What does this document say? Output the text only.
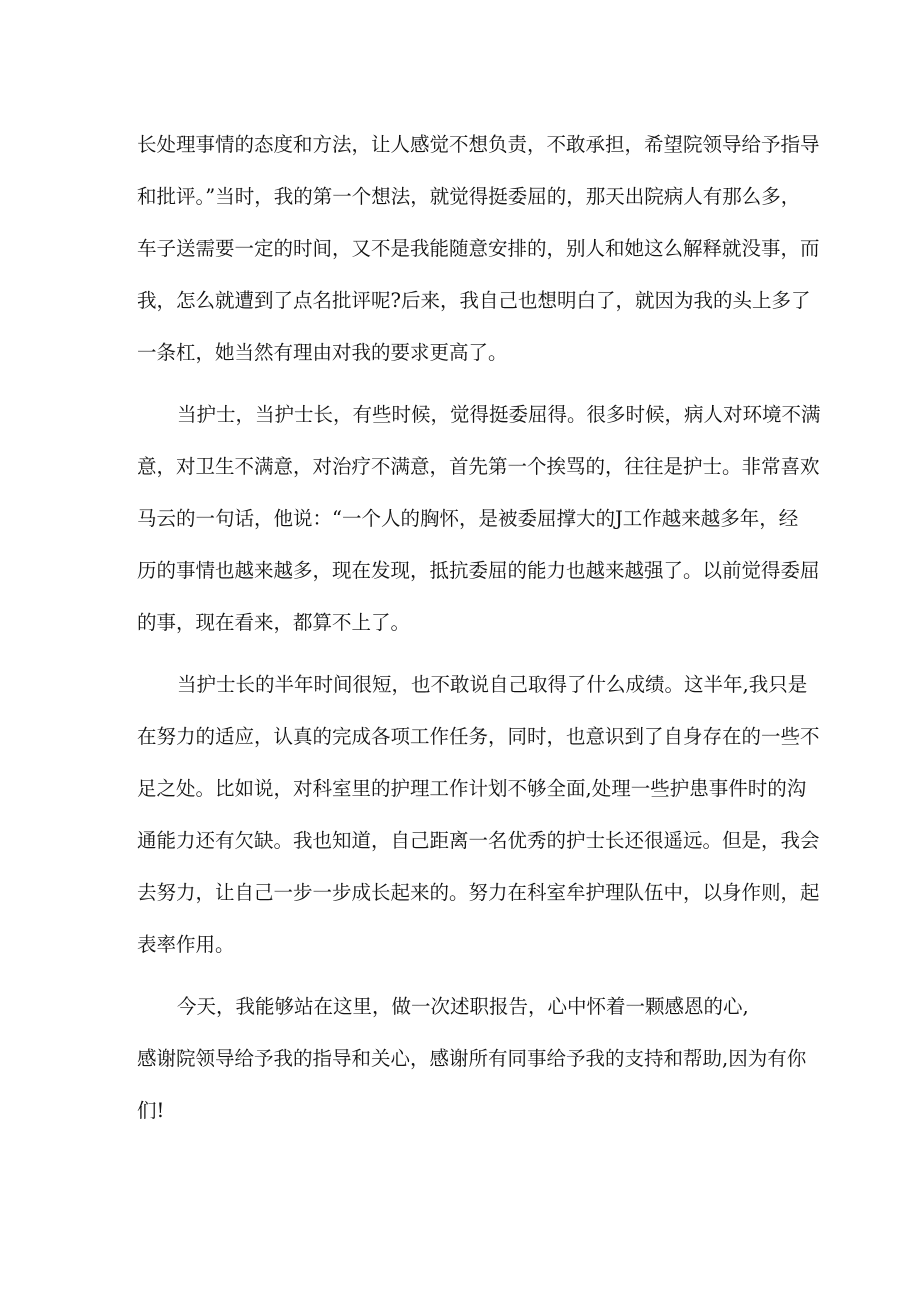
长处理事情的态度和方法，让人感觉不想负责，不敢承担，希望院领导给予指导
和批评。”当时，我的第一个想法，就觉得挺委屈的，那天出院病人有那么多，
车子送需要一定的时间，又不是我能随意安排的，别人和她这么解释就没事，而
我，怎么就遭到了点名批评呢?后来，我自己也想明白了，就因为我的头上多了
一条杠，她当然有理由对我的要求更高了。
当护士，当护士长，有些时候，觉得挺委屈得。很多时候，病人对环境不满
意，对卫生不满意，对治疗不满意，首先第一个挨骂的，往往是护士。非常喜欢
马云的一句话，他说：“一个人的胸怀，是被委屈撑大的J工作越来越多年，经
历的事情也越来越多，现在发现，抵抗委屈的能力也越来越强了。以前觉得委屈
的事，现在看来，都算不上了。
当护士长的半年时间很短，也不敢说自己取得了什么成绩。这半年,我只是
在努力的适应，认真的完成各项工作任务，同时，也意识到了自身存在的一些不
足之处。比如说，对科室里的护理工作计划不够全面,处理一些护患事件时的沟
通能力还有欠缺。我也知道，自己距离一名优秀的护士长还很遥远。但是，我会
去努力，让自己一步一步成长起来的。努力在科室牟护理队伍中，以身作则，起
表率作用。
今天，我能够站在这里，做一次述职报告，心中怀着一颗感恩的心,
感谢院领导给予我的指导和关心，感谢所有同事给予我的支持和帮助,因为有你
们!
